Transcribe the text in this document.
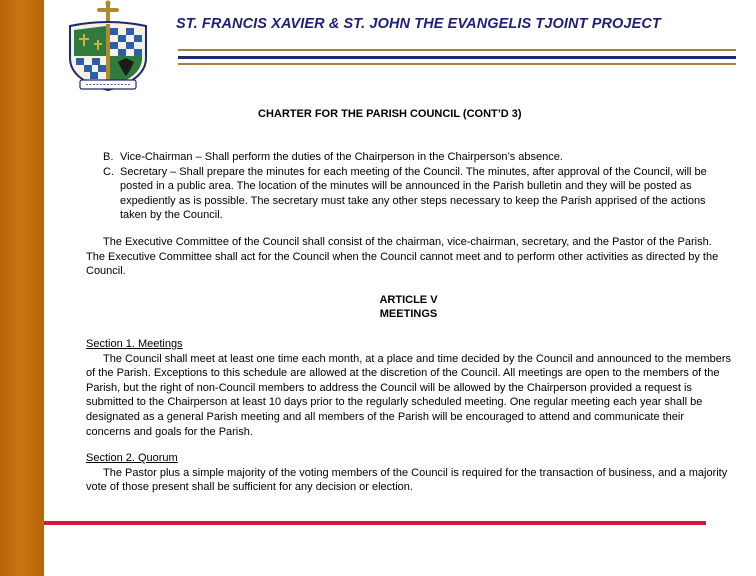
ST. FRANCIS XAVIER & ST. JOHN THE EVANGELIS TJOINT PROJECT
CHARTER FOR THE PARISH COUNCIL (CONT’D 3)
B. Vice-Chairman – Shall perform the duties of the Chairperson in the Chairperson’s absence.
C. Secretary – Shall prepare the minutes for each meeting of the Council. The minutes, after approval of the Council, will be posted in a public area. The location of the minutes will be announced in the Parish bulletin and they will be posted as expediently as is possible. The secretary must take any other steps necessary to keep the Parish apprised of the actions taken by the Council.

The Executive Committee of the Council shall consist of the chairman, vice-chairman, secretary, and the Pastor of the Parish. The Executive Committee shall act for the Council when the Council cannot meet and to perform other activities as directed by the Council.

ARTICLE V
MEETINGS
Section 1. Meetings

The Council shall meet at least one time each month, at a place and time decided by the Council and announced to the members of the Parish. Exceptions to this schedule are allowed at the discretion of the Council. All meetings are open to the members of the Parish, but the right of non-Council members to address the Council will be allowed by the Chairperson provided a request is submitted to the Chairperson at least 10 days prior to the regularly scheduled meeting. One regular meeting each year shall be designated as a general Parish meeting and all members of the Parish will be encouraged to attend and communicate their concerns and goals for the Parish.

Section 2. Quorum

The Pastor plus a simple majority of the voting members of the Council is required for the transaction of business, and a majority vote of those present shall be sufficient for any decision or election.
